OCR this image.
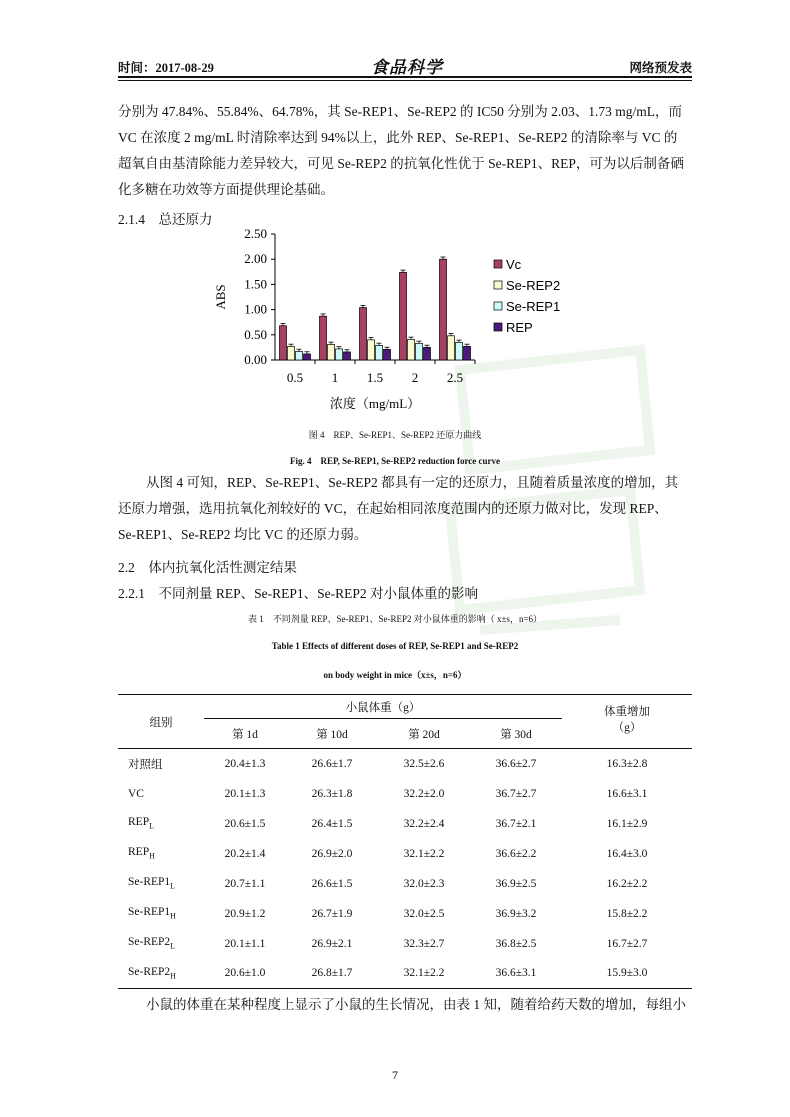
时间：2017-08-29	食品科学	网络预发表

分别为 47.84%、55.84%、64.78%，其 Se-REP1、Se-REP2 的 IC50 分别为 2.03、1.73 mg/mL，而

VC 在浓度 2 mg/mL 时清除率达到 94%以上，此外 REP、Se-REP1、Se-REP2 的清除率与 VC 的

超氧自由基清除能力差异较大，可见 Se-REP2 的抗氧化性优于 Se-REP1、REP，可为以后制备硒

化多糖在功效等方面提供理论基础。

2.1.4　总还原力
0.00
0.50
1.00
1.50
2.00
2.50
0.5 1 1.5 2 2.5
ABS
浓度（mg/mL）
Vc
Se-REP2
Se-REP1
REP
图 4　REP、Se-REP1、Se-REP2 还原力曲线
Fig. 4　REP, Se-REP1, Se-REP2 reduction force curve

从图 4 可知，REP、Se-REP1、Se-REP2 都具有一定的还原力，且随着质量浓度的增加，其

还原力增强，选用抗氧化剂较好的 VC，在起始相同浓度范围内的还原力做对比，发现 REP、

Se-REP1、Se-REP2 均比 VC 的还原力弱。

2.2　体内抗氧化活性测定结果
2.2.1　不同剂量 REP、Se-REP1、Se-REP2 对小鼠体重的影响
表 1　不同剂量 REP、Se-REP1、Se-REP2 对小鼠体重的影响（ x±s，n=6）
Table 1 Effects of different doses of REP, Se-REP1 and Se-REP2
on body weight in mice（x±s，n=6）
组别	小鼠体重（g）				体重增加
	第 1d	第 10d	第 20d	第 30d	（g）
对照组	20.4±1.3	26.6±1.7	32.5±2.6	36.6±2.7	16.3±2.8
VC	20.1±1.3	26.3±1.8	32.2±2.0	36.7±2.7	16.6±3.1
$REP_L$	20.6±1.5	26.4±1.5	32.2±2.4	36.7±2.1	16.1±2.9
$REP_H$	20.2±1.4	26.9±2.0	32.1±2.2	36.6±2.2	16.4±3.0
$Se-REP1_L$	20.7±1.1	26.6±1.5	32.0±2.3	36.9±2.5	16.2±2.2
$Se-REP1_H$	20.9±1.2	26.7±1.9	32.0±2.5	36.9±3.2	15.8±2.2
$Se-REP2_L$	20.1±1.1	26.9±2.1	32.3±2.7	36.8±2.5	16.7±2.7
$Se-REP2_H$	20.6±1.0	26.8±1.7	32.1±2.2	36.6±3.1	15.9±3.0

小鼠的体重在某种程度上显示了小鼠的生长情况，由表 1 知，随着给药天数的增加，每组小

7
